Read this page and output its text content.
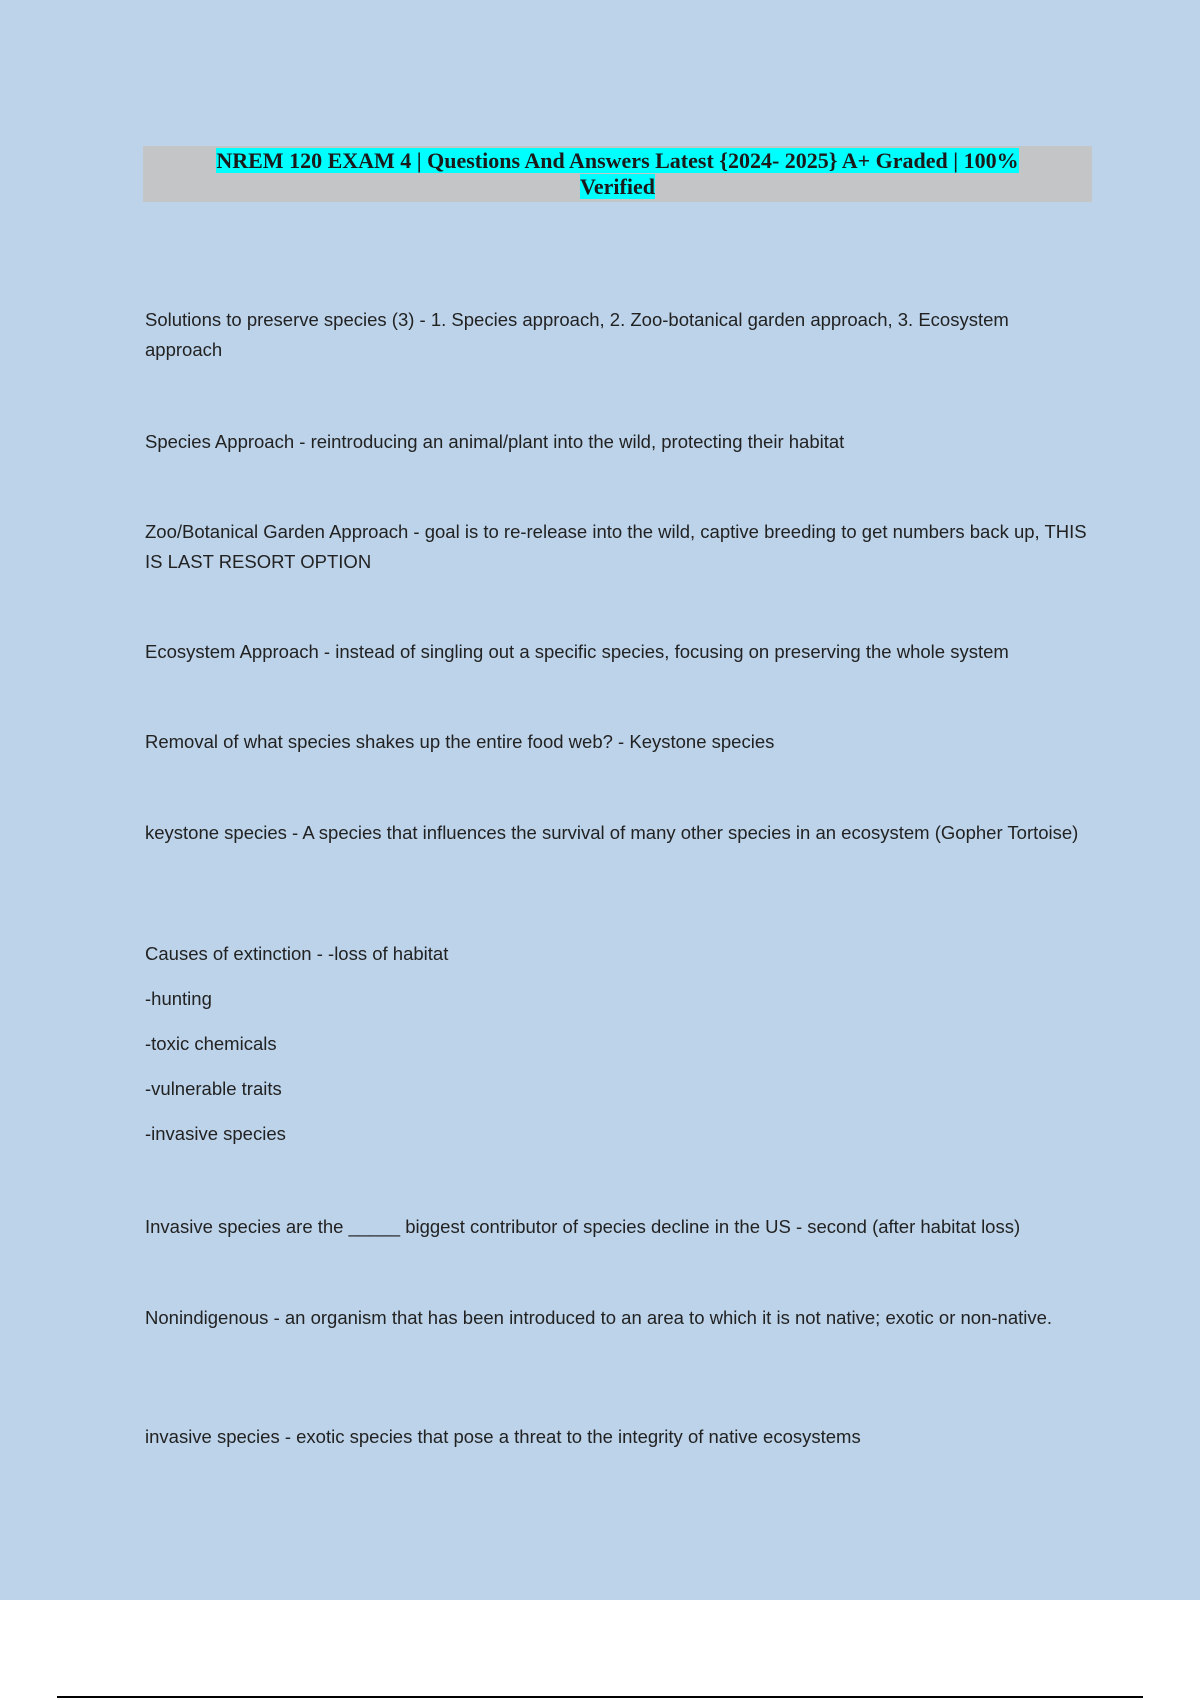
NREM 120 EXAM 4 | Questions And Answers Latest {2024- 2025} A+ Graded | 100%
Verified
Solutions to preserve species (3) - 1. Species approach, 2. Zoo-botanical garden approach, 3. Ecosystem approach
Species Approach - reintroducing an animal/plant into the wild, protecting their habitat
Zoo/Botanical Garden Approach - goal is to re-release into the wild, captive breeding to get numbers back up, THIS IS LAST RESORT OPTION
Ecosystem Approach - instead of singling out a specific species, focusing on preserving the whole system
Removal of what species shakes up the entire food web? - Keystone species
keystone species - A species that influences the survival of many other species in an ecosystem (Gopher Tortoise)
Causes of extinction - -loss of habitat
-hunting
-toxic chemicals
-vulnerable traits
-invasive species
Invasive species are the _____ biggest contributor of species decline in the US - second (after habitat loss)
Nonindigenous - an organism that has been introduced to an area to which it is not native; exotic or non-native.
invasive species - exotic species that pose a threat to the integrity of native ecosystems
